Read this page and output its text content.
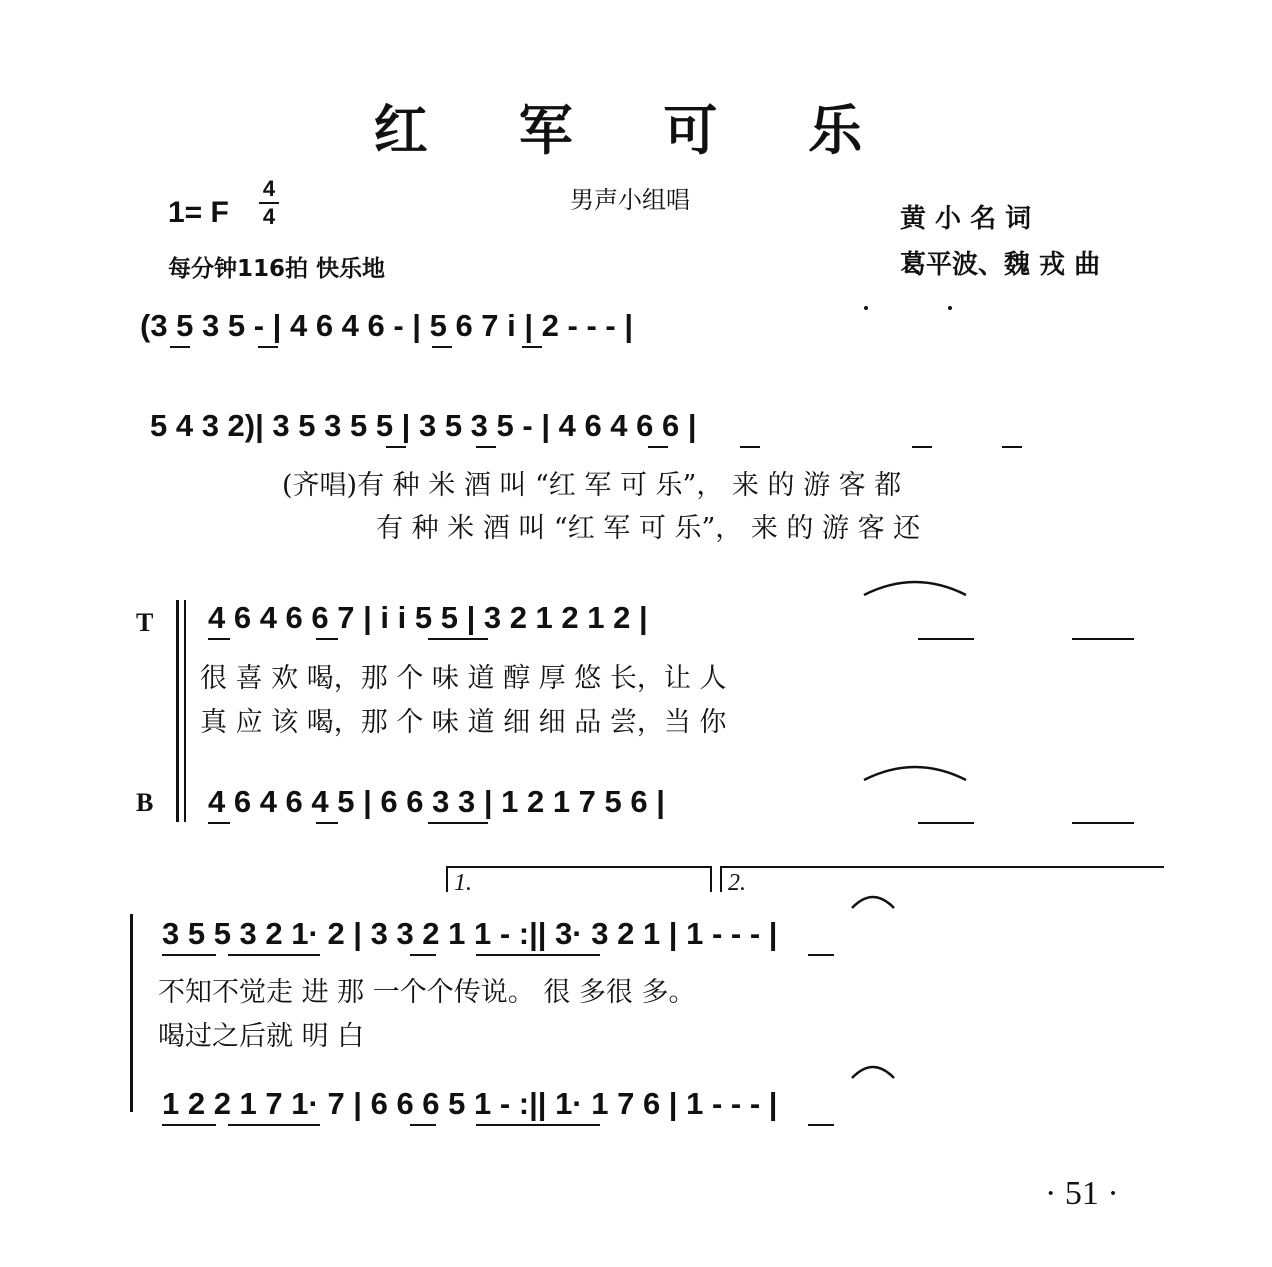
红 军 可 乐
男声小组唱
1= F
4
4
每分钟116拍 快乐地
黄 小 名 词
葛平波、魏 戎 曲
(3 5 3 5 - | 4 6 4 6 - | 5 6 7 i | 2 - - - |
5 4 3 2)| 3 5 3 5 5 | 3 5 3 5 - | 4 6 4 6 6 |
(齐唱)有 种 米 酒 叫 “红 军 可 乐”， 来 的 游 客 都
有 种 米 酒 叫 “红 军 可 乐”， 来 的 游 客 还
T
B
4 6 4 6 6 7 | i i 5 5 | 3 2 1 2 1 2 |
很 喜 欢 喝，那 个 味 道 醇 厚 悠 长，让 人
真 应 该 喝，那 个 味 道 细 细 品 尝，当 你
4 6 4 6 4 5 | 6 6 3 3 | 1 2 1 7 5 6 |
1.	2.
3 5 5 3 2 1· 2 | 3 3 2 1 1 - :|| 3· 3 2 1 | 1 - - - |
不知不觉走 进 那 一个个传说。 很 多很 多。
喝过之后就 明 白
1 2 2 1 7 1· 7 | 6 6 6 5 1 - :|| 1· 1 7 6 | 1 - - - |
· 51 ·
